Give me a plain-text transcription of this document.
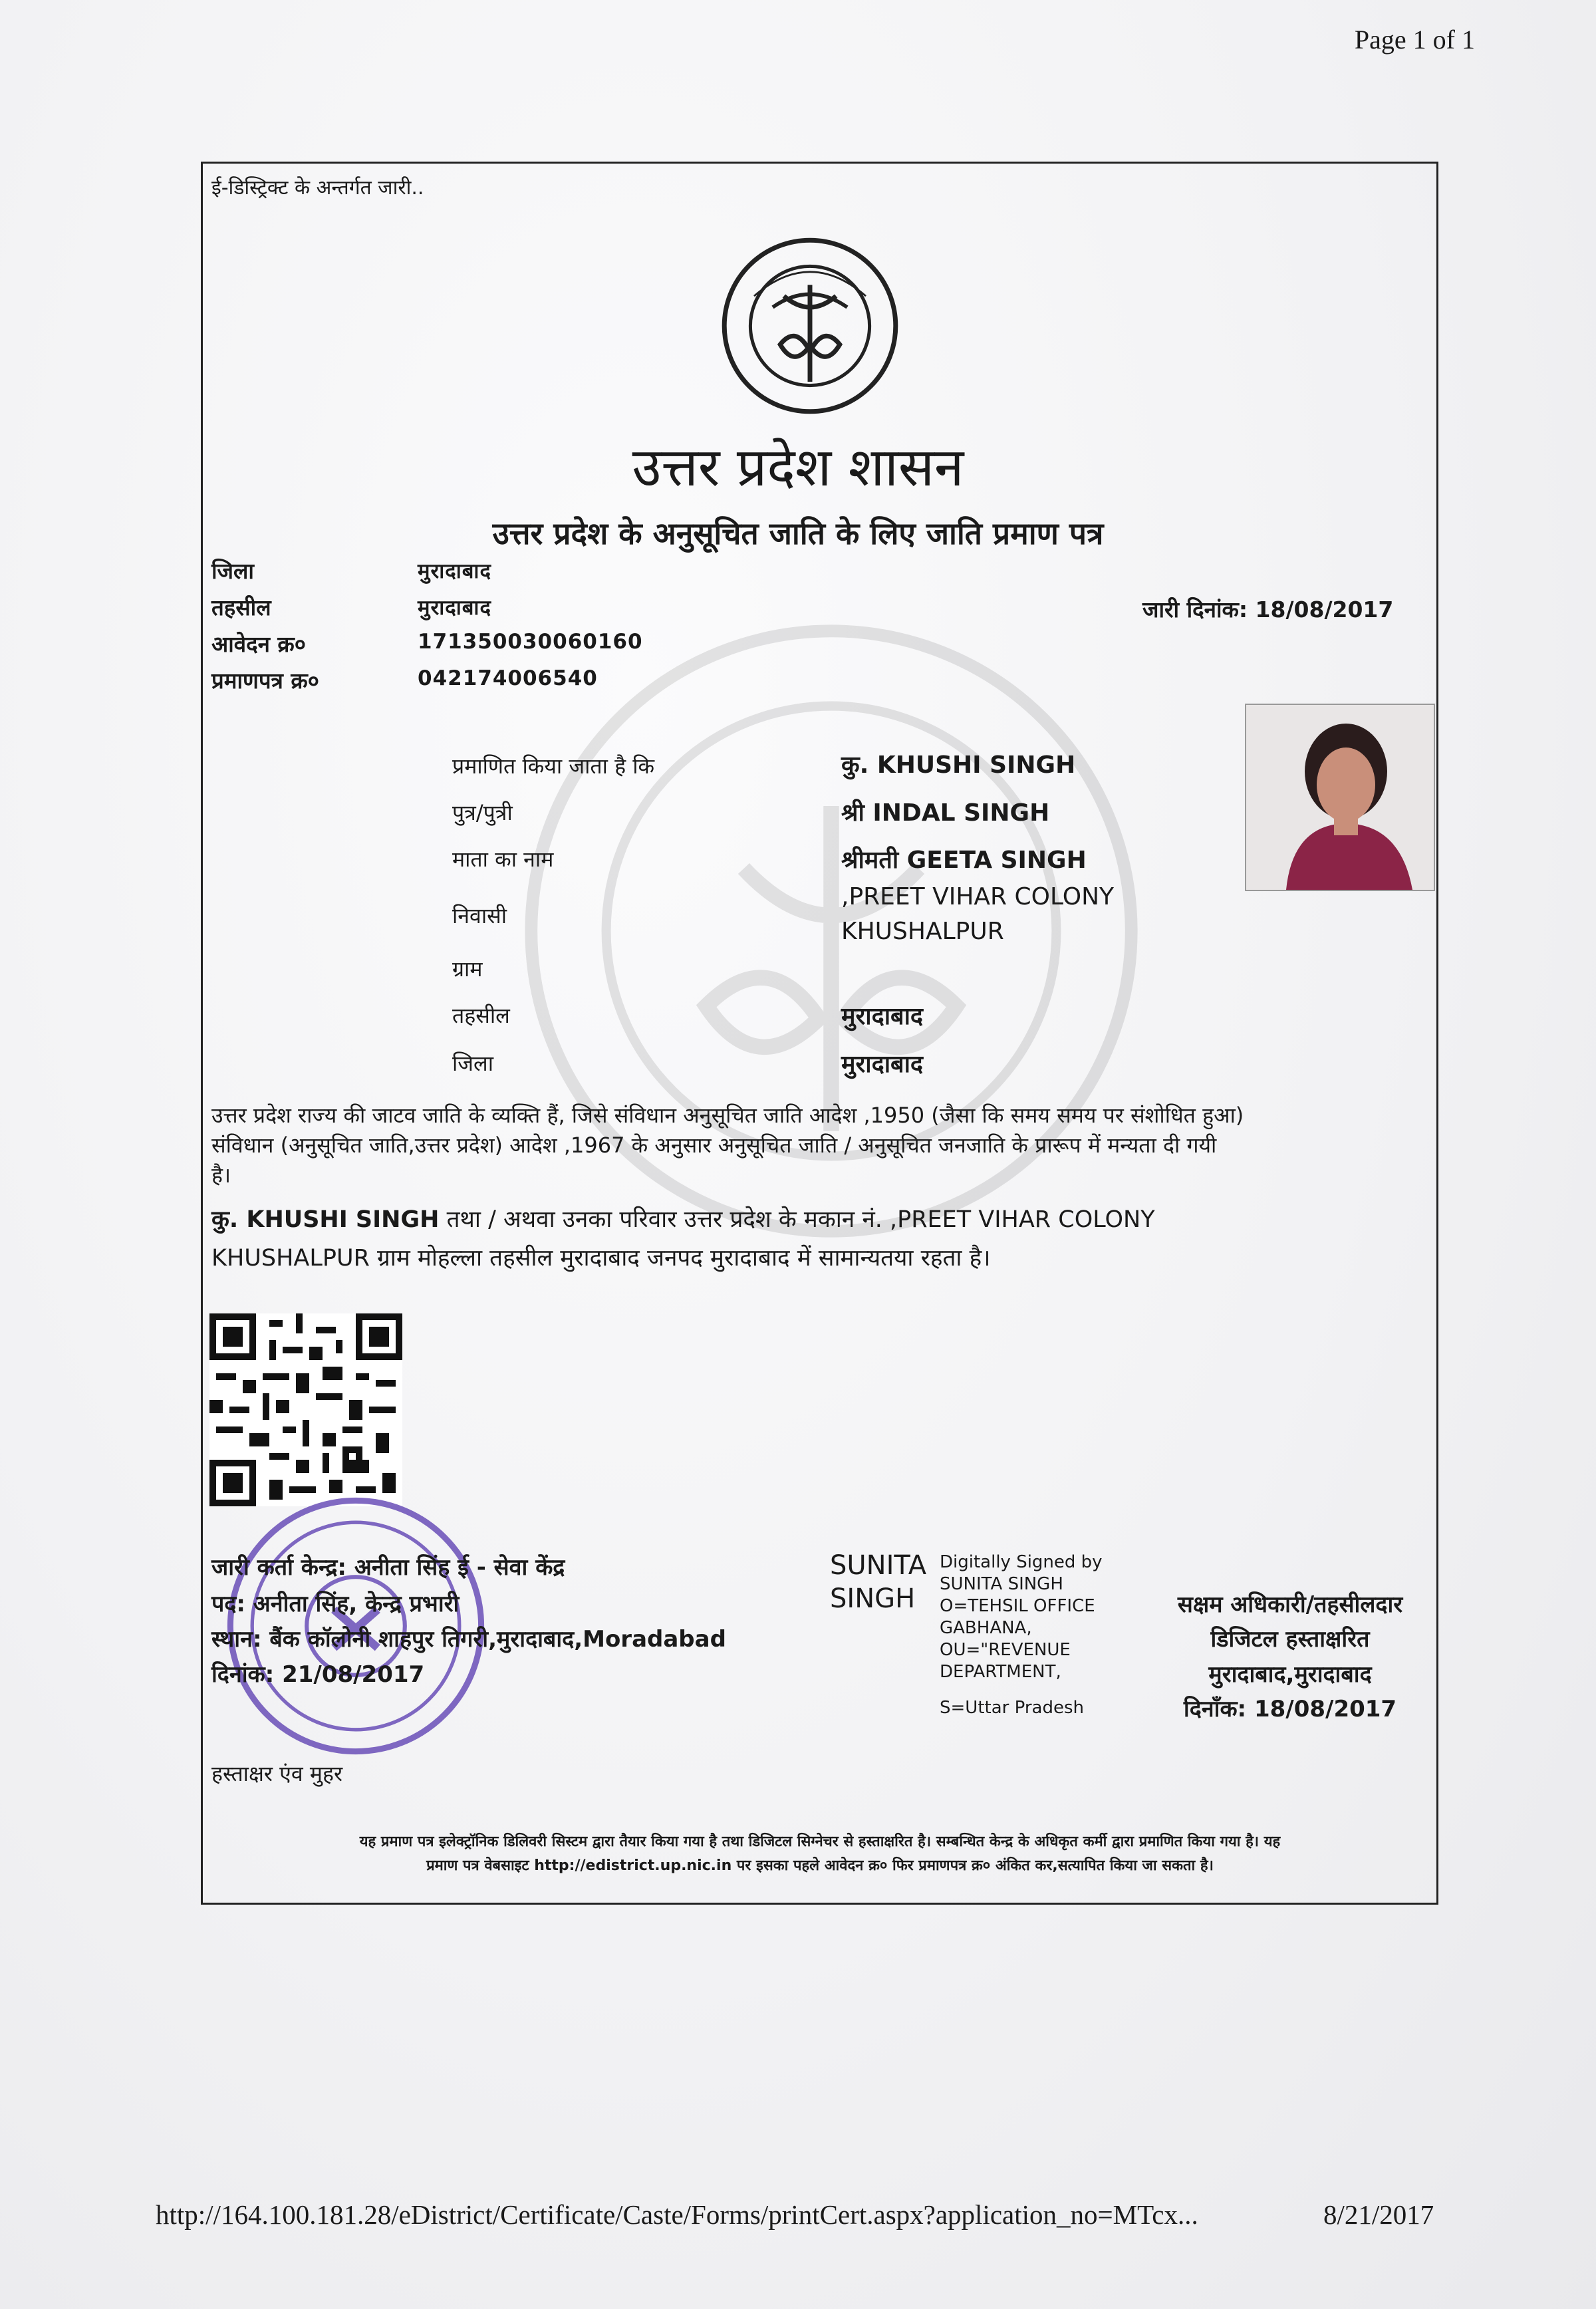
Page 1 of 1
http://164.100.181.28/eDistrict/Certificate/Caste/Forms/printCert.aspx?application_no=MTcx...	8/21/2017
ई-डिस्ट्रिक्ट के अन्तर्गत जारी..
उत्तर प्रदेश शासन
उत्तर प्रदेश के अनुसूचित जाति के लिए जाति प्रमाण पत्र
जिला	मुरादाबाद
तहसील	मुरादाबाद
आवेदन क्र०	171350030060160
प्रमाणपत्र क्र०	042174006540
जारी दिनांक: 18/08/2017
प्रमाणित किया जाता है कि	कु. KHUSHI SINGH
पुत्र/पुत्री	श्री INDAL SINGH
माता का नाम	श्रीमती GEETA SINGH
निवासी
,PREET VIHAR COLONY
KHUSHALPUR
ग्राम
तहसील	मुरादाबाद
जिला	मुरादाबाद
उत्तर प्रदेश राज्य की जाटव जाति के व्यक्ति हैं, जिसे संविधान अनुसूचित जाति आदेश ,1950 (जैसा कि समय समय पर संशोधित हुआ)
संविधान (अनुसूचित जाति,उत्तर प्रदेश) आदेश ,1967 के अनुसार अनुसूचित जाति / अनुसूचित जनजाति के प्रारूप में मन्यता दी गयी
है।
कु. KHUSHI SINGH तथा / अथवा उनका परिवार उत्तर प्रदेश के मकान नं. ,PREET VIHAR COLONY
KHUSHALPUR ग्राम मोहल्ला तहसील मुरादाबाद जनपद मुरादाबाद में सामान्यतया रहता है।
जारी कर्ता केन्द्र: अनीता सिंह ई - सेवा केंद्र
पद: अनीता सिंह, केन्द्र प्रभारी
स्थान: बैंक कॉलोनी शाहपुर तिगरी,मुरादाबाद,Moradabad
दिनांक: 21/08/2017
हस्ताक्षर एंव मुहर
SUNITA
SINGH
Digitally Signed by
SUNITA SINGH
O=TEHSIL OFFICE
GABHANA,
OU="REVENUE
DEPARTMENT,
S=Uttar Pradesh
सक्षम अधिकारी/तहसीलदार
डिजिटल हस्ताक्षरित
मुरादाबाद,मुरादाबाद
दिनाँक: 18/08/2017
यह प्रमाण पत्र इलेक्ट्रॉनिक डिलिवरी सिस्टम द्वारा तैयार किया गया है तथा डिजिटल सिग्नेचर से हस्ताक्षरित है। सम्बन्धित केन्द्र के अधिकृत कर्मी द्वारा प्रमाणित किया गया है। यह
प्रमाण पत्र वेबसाइट http://edistrict.up.nic.in पर इसका पहले आवेदन क्र० फिर प्रमाणपत्र क्र० अंकित कर,सत्यापित किया जा सकता है।
